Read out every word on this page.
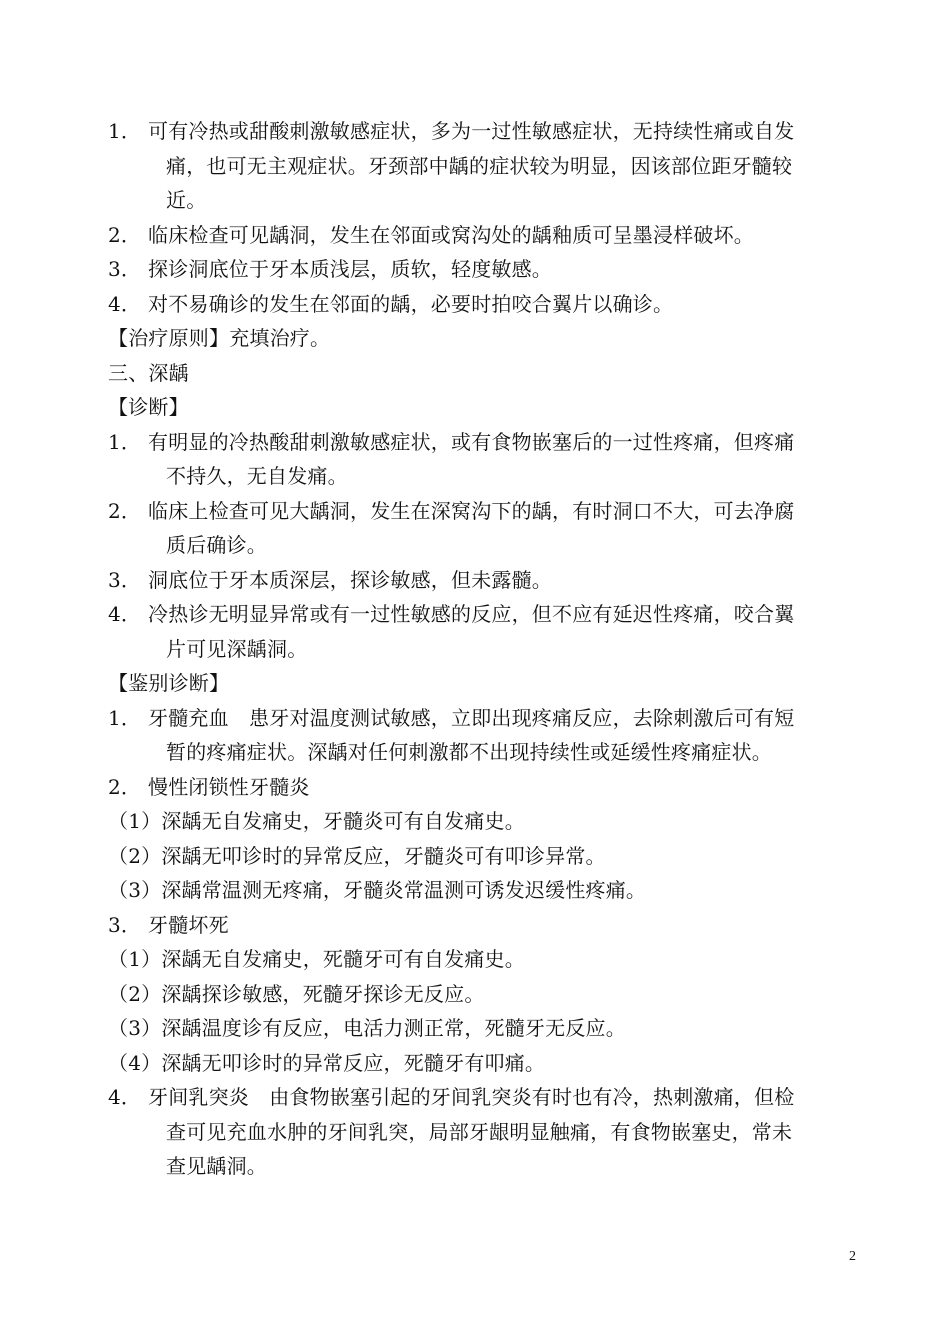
1． 可有冷热或甜酸刺激敏感症状，多为一过性敏感症状，无持续性痛或自发
痛，也可无主观症状。牙颈部中龋的症状较为明显，因该部位距牙髓较
近。
2． 临床检查可见龋洞，发生在邻面或窝沟处的龋釉质可呈墨浸样破坏。
3． 探诊洞底位于牙本质浅层，质软，轻度敏感。
4． 对不易确诊的发生在邻面的龋，必要时拍咬合翼片以确诊。
【治疗原则】充填治疗。
三、深龋
【诊断】
1． 有明显的冷热酸甜刺激敏感症状，或有食物嵌塞后的一过性疼痛，但疼痛
不持久，无自发痛。
2． 临床上检查可见大龋洞，发生在深窝沟下的龋，有时洞口不大，可去净腐
质后确诊。
3． 洞底位于牙本质深层，探诊敏感，但未露髓。
4． 冷热诊无明显异常或有一过性敏感的反应，但不应有延迟性疼痛，咬合翼
片可见深龋洞。
【鉴别诊断】
1． 牙髓充血　患牙对温度测试敏感，立即出现疼痛反应，去除刺激后可有短
暂的疼痛症状。深龋对任何刺激都不出现持续性或延缓性疼痛症状。
2． 慢性闭锁性牙髓炎
（1）深龋无自发痛史，牙髓炎可有自发痛史。
（2）深龋无叩诊时的异常反应，牙髓炎可有叩诊异常。
（3）深龋常温测无疼痛，牙髓炎常温测可诱发迟缓性疼痛。
3． 牙髓坏死
（1）深龋无自发痛史，死髓牙可有自发痛史。
（2）深龋探诊敏感，死髓牙探诊无反应。
（3）深龋温度诊有反应，电活力测正常，死髓牙无反应。
（4）深龋无叩诊时的异常反应，死髓牙有叩痛。
4． 牙间乳突炎　由食物嵌塞引起的牙间乳突炎有时也有冷，热刺激痛，但检
查可见充血水肿的牙间乳突，局部牙龈明显触痛，有食物嵌塞史，常未
查见龋洞。
2
